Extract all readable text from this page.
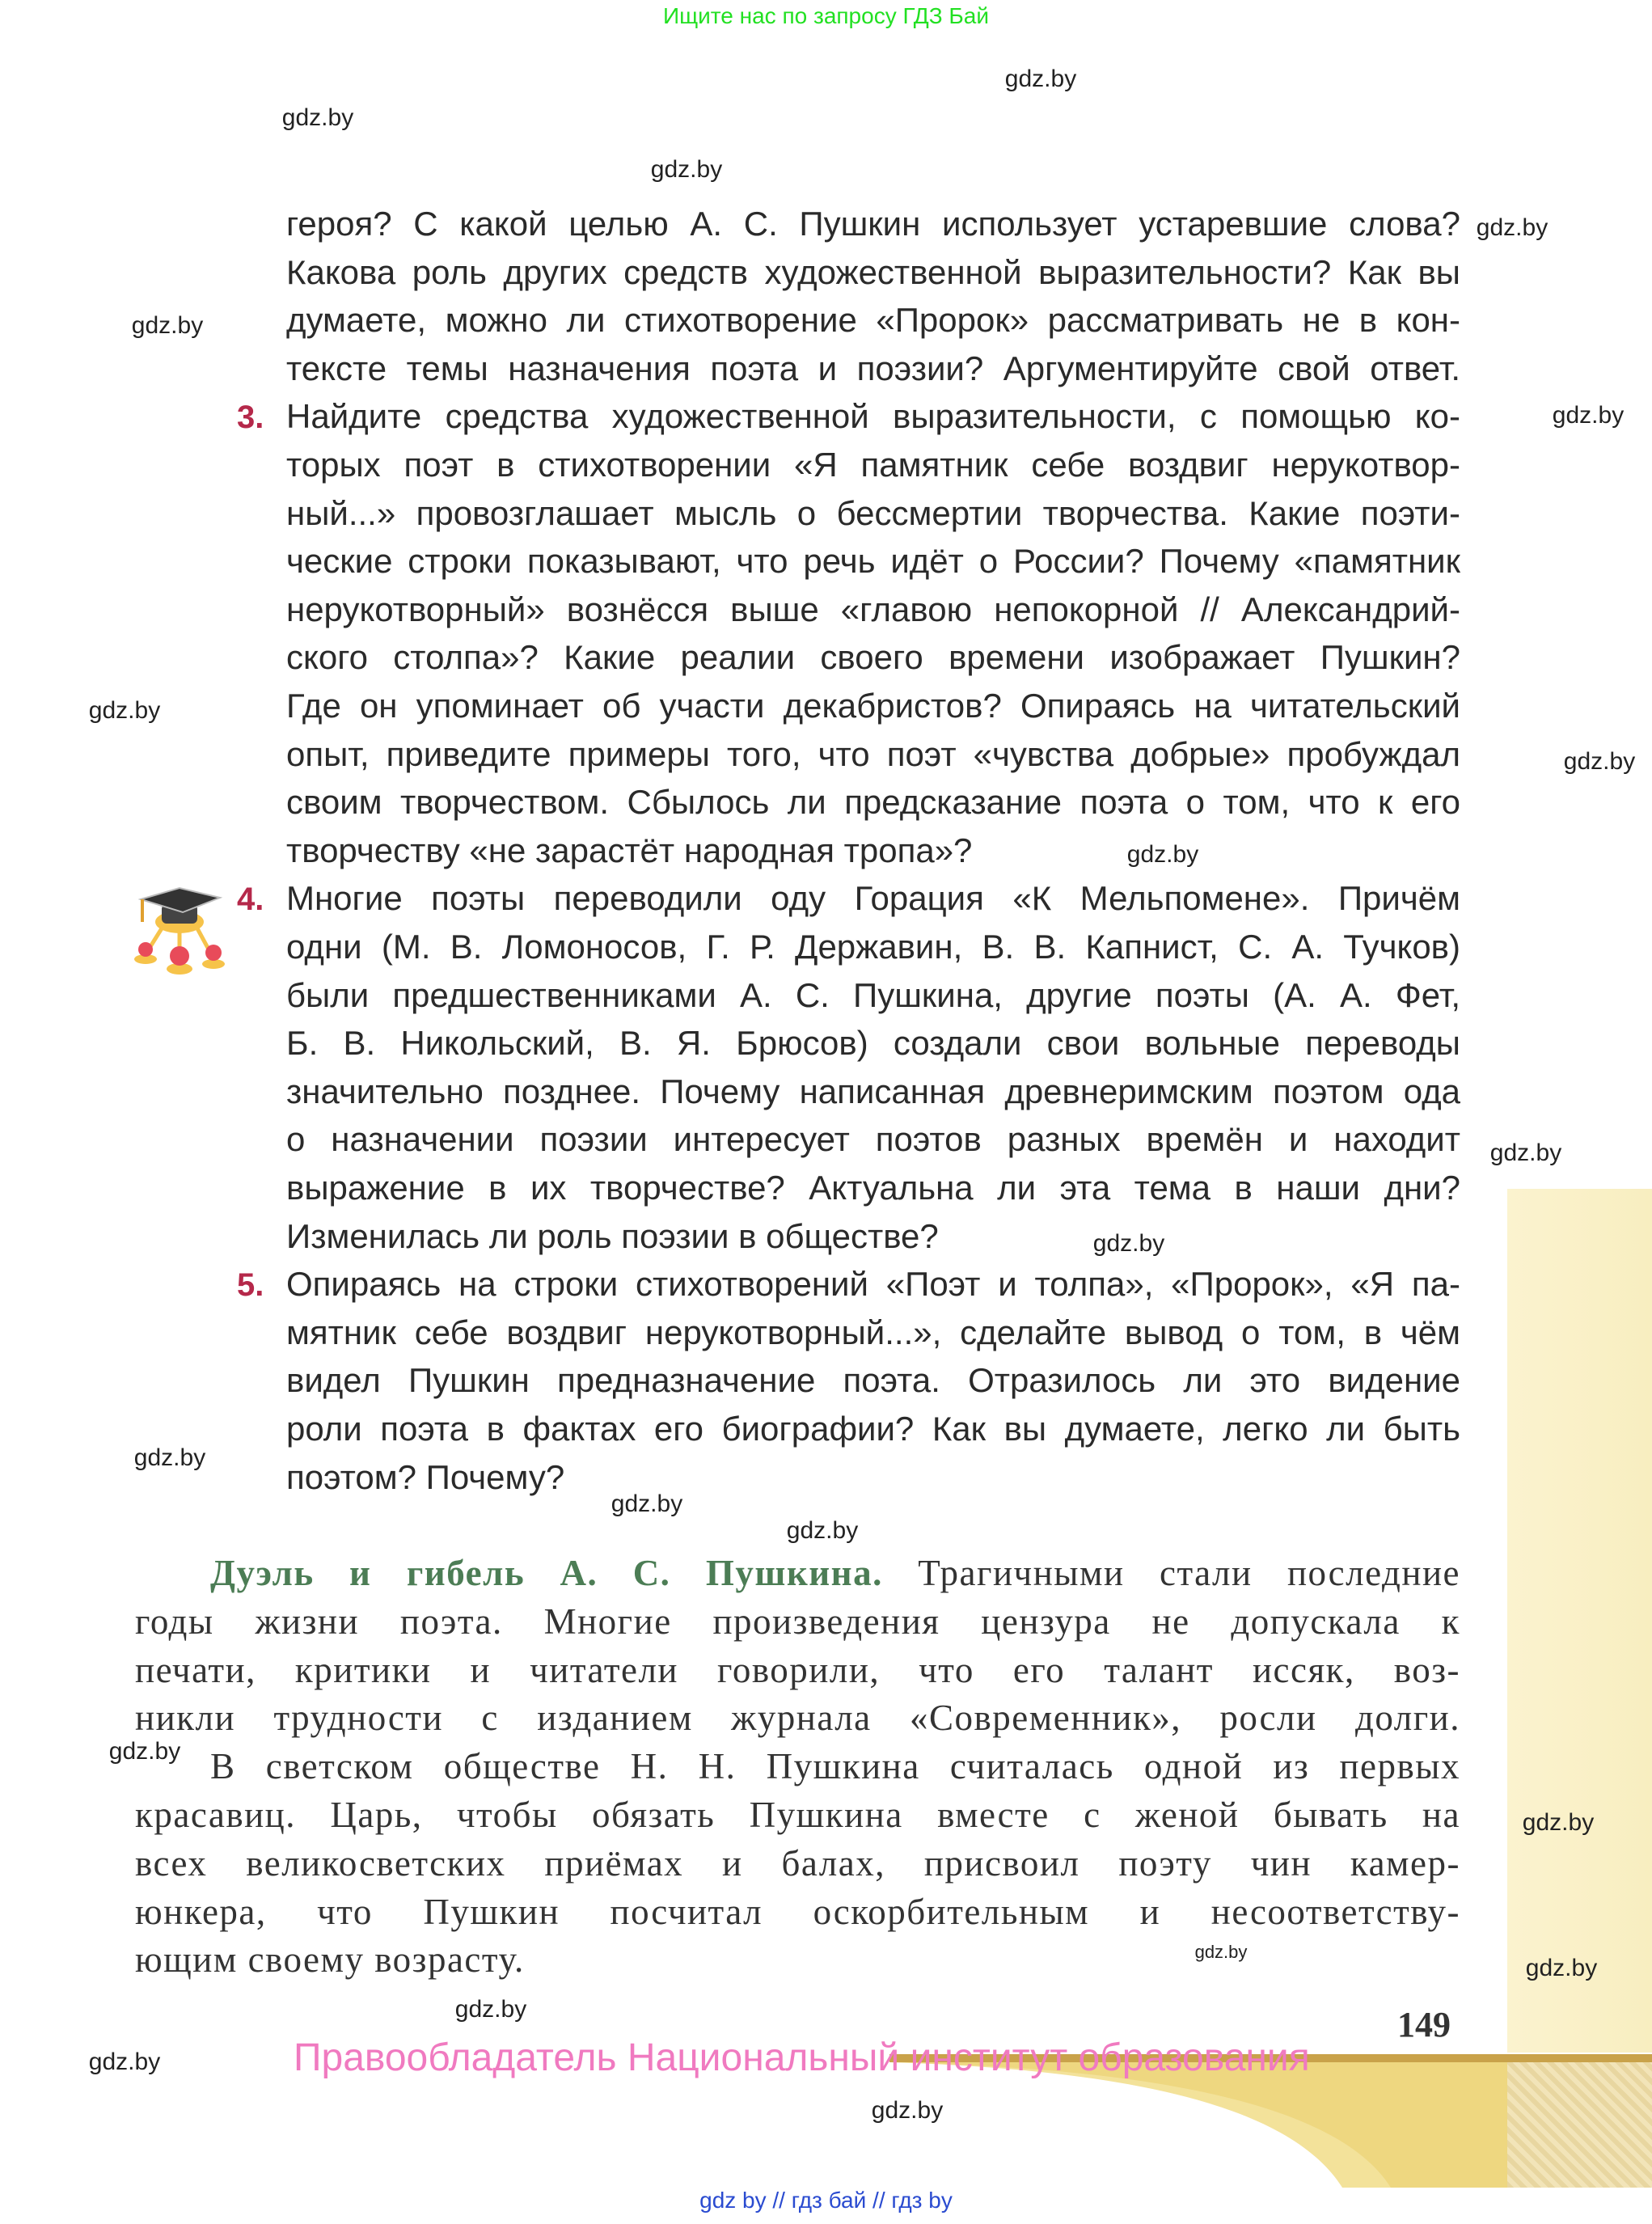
Ищите нас по запросу ГДЗ Бай
героя? С какой целью А. С. Пушкин использует устаревшие слова?
Какова роль других средств художественной выразительности? Как вы
думаете, можно ли стихотворение «Пророк» рассматривать не в кон-
тексте темы назначения поэта и поэзии? Аргументируйте свой ответ.
Найдите средства художественной выразительности, с помощью ко-
торых поэт в стихотворении «Я памятник себе воздвиг нерукотвор-
ный...» провозглашает мысль о бессмертии творчества. Какие поэти-
ческие строки показывают, что речь идёт о России? Почему «памятник
нерукотворный» вознёсся выше «главою непокорной // Александрий-
ского столпа»? Какие реалии своего времени изображает Пушкин?
Где он упоминает об участи декабристов? Опираясь на читательский
опыт, приведите примеры того, что поэт «чувства добрые» пробуждал
своим творчеством. Сбылось ли предсказание поэта о том, что к его
творчеству «не зарастёт народная тропа»?
Многие поэты переводили оду Горация «К Мельпомене». Причём
одни (М. В. Ломоносов, Г. Р. Державин, В. В. Капнист, С. А. Тучков)
были предшественниками А. С. Пушкина, другие поэты (А. А. Фет,
Б. В. Никольский, В. Я. Брюсов) создали свои вольные переводы
значительно позднее. Почему написанная древнеримским поэтом ода
о назначении поэзии интересует поэтов разных времён и находит
выражение в их творчестве? Актуальна ли эта тема в наши дни?
Изменилась ли роль поэзии в обществе?
Опираясь на строки стихотворений «Поэт и толпа», «Пророк», «Я па-
мятник себе воздвиг нерукотворный...», сделайте вывод о том, в чём
видел Пушкин предназначение поэта. Отразилось ли это видение
роли поэта в фактах его биографии? Как вы думаете, легко ли быть
поэтом? Почему?
3.
4.
5.
Дуэль и гибель А. С. Пушкина. Трагичными стали последние
годы жизни поэта. Многие произведения цензура не допускала к
печати, критики и читатели говорили, что его талант иссяк, воз-
никли трудности с изданием журнала «Современник», росли долги.
В светском обществе Н. Н. Пушкина считалась одной из первых
красавиц. Царь, чтобы обязать Пушкина вместе с женой бывать на
всех великосветских приёмах и балах, присвоил поэту чин камер-
юнкера, что Пушкин посчитал оскорбительным и несоответству-
ющим своему возрасту.
149
Правообладатель Национальный институт образования
gdz by // гдз бай // гдз by
gdz.by
gdz.by
gdz.by
gdz.by
gdz.by
gdz.by
gdz.by
gdz.by
gdz.by
gdz.by
gdz.by
gdz.by
gdz.by
gdz.by
gdz.by
gdz.by
gdz.by
gdz.by
gdz.by
gdz.by
gdz.by
